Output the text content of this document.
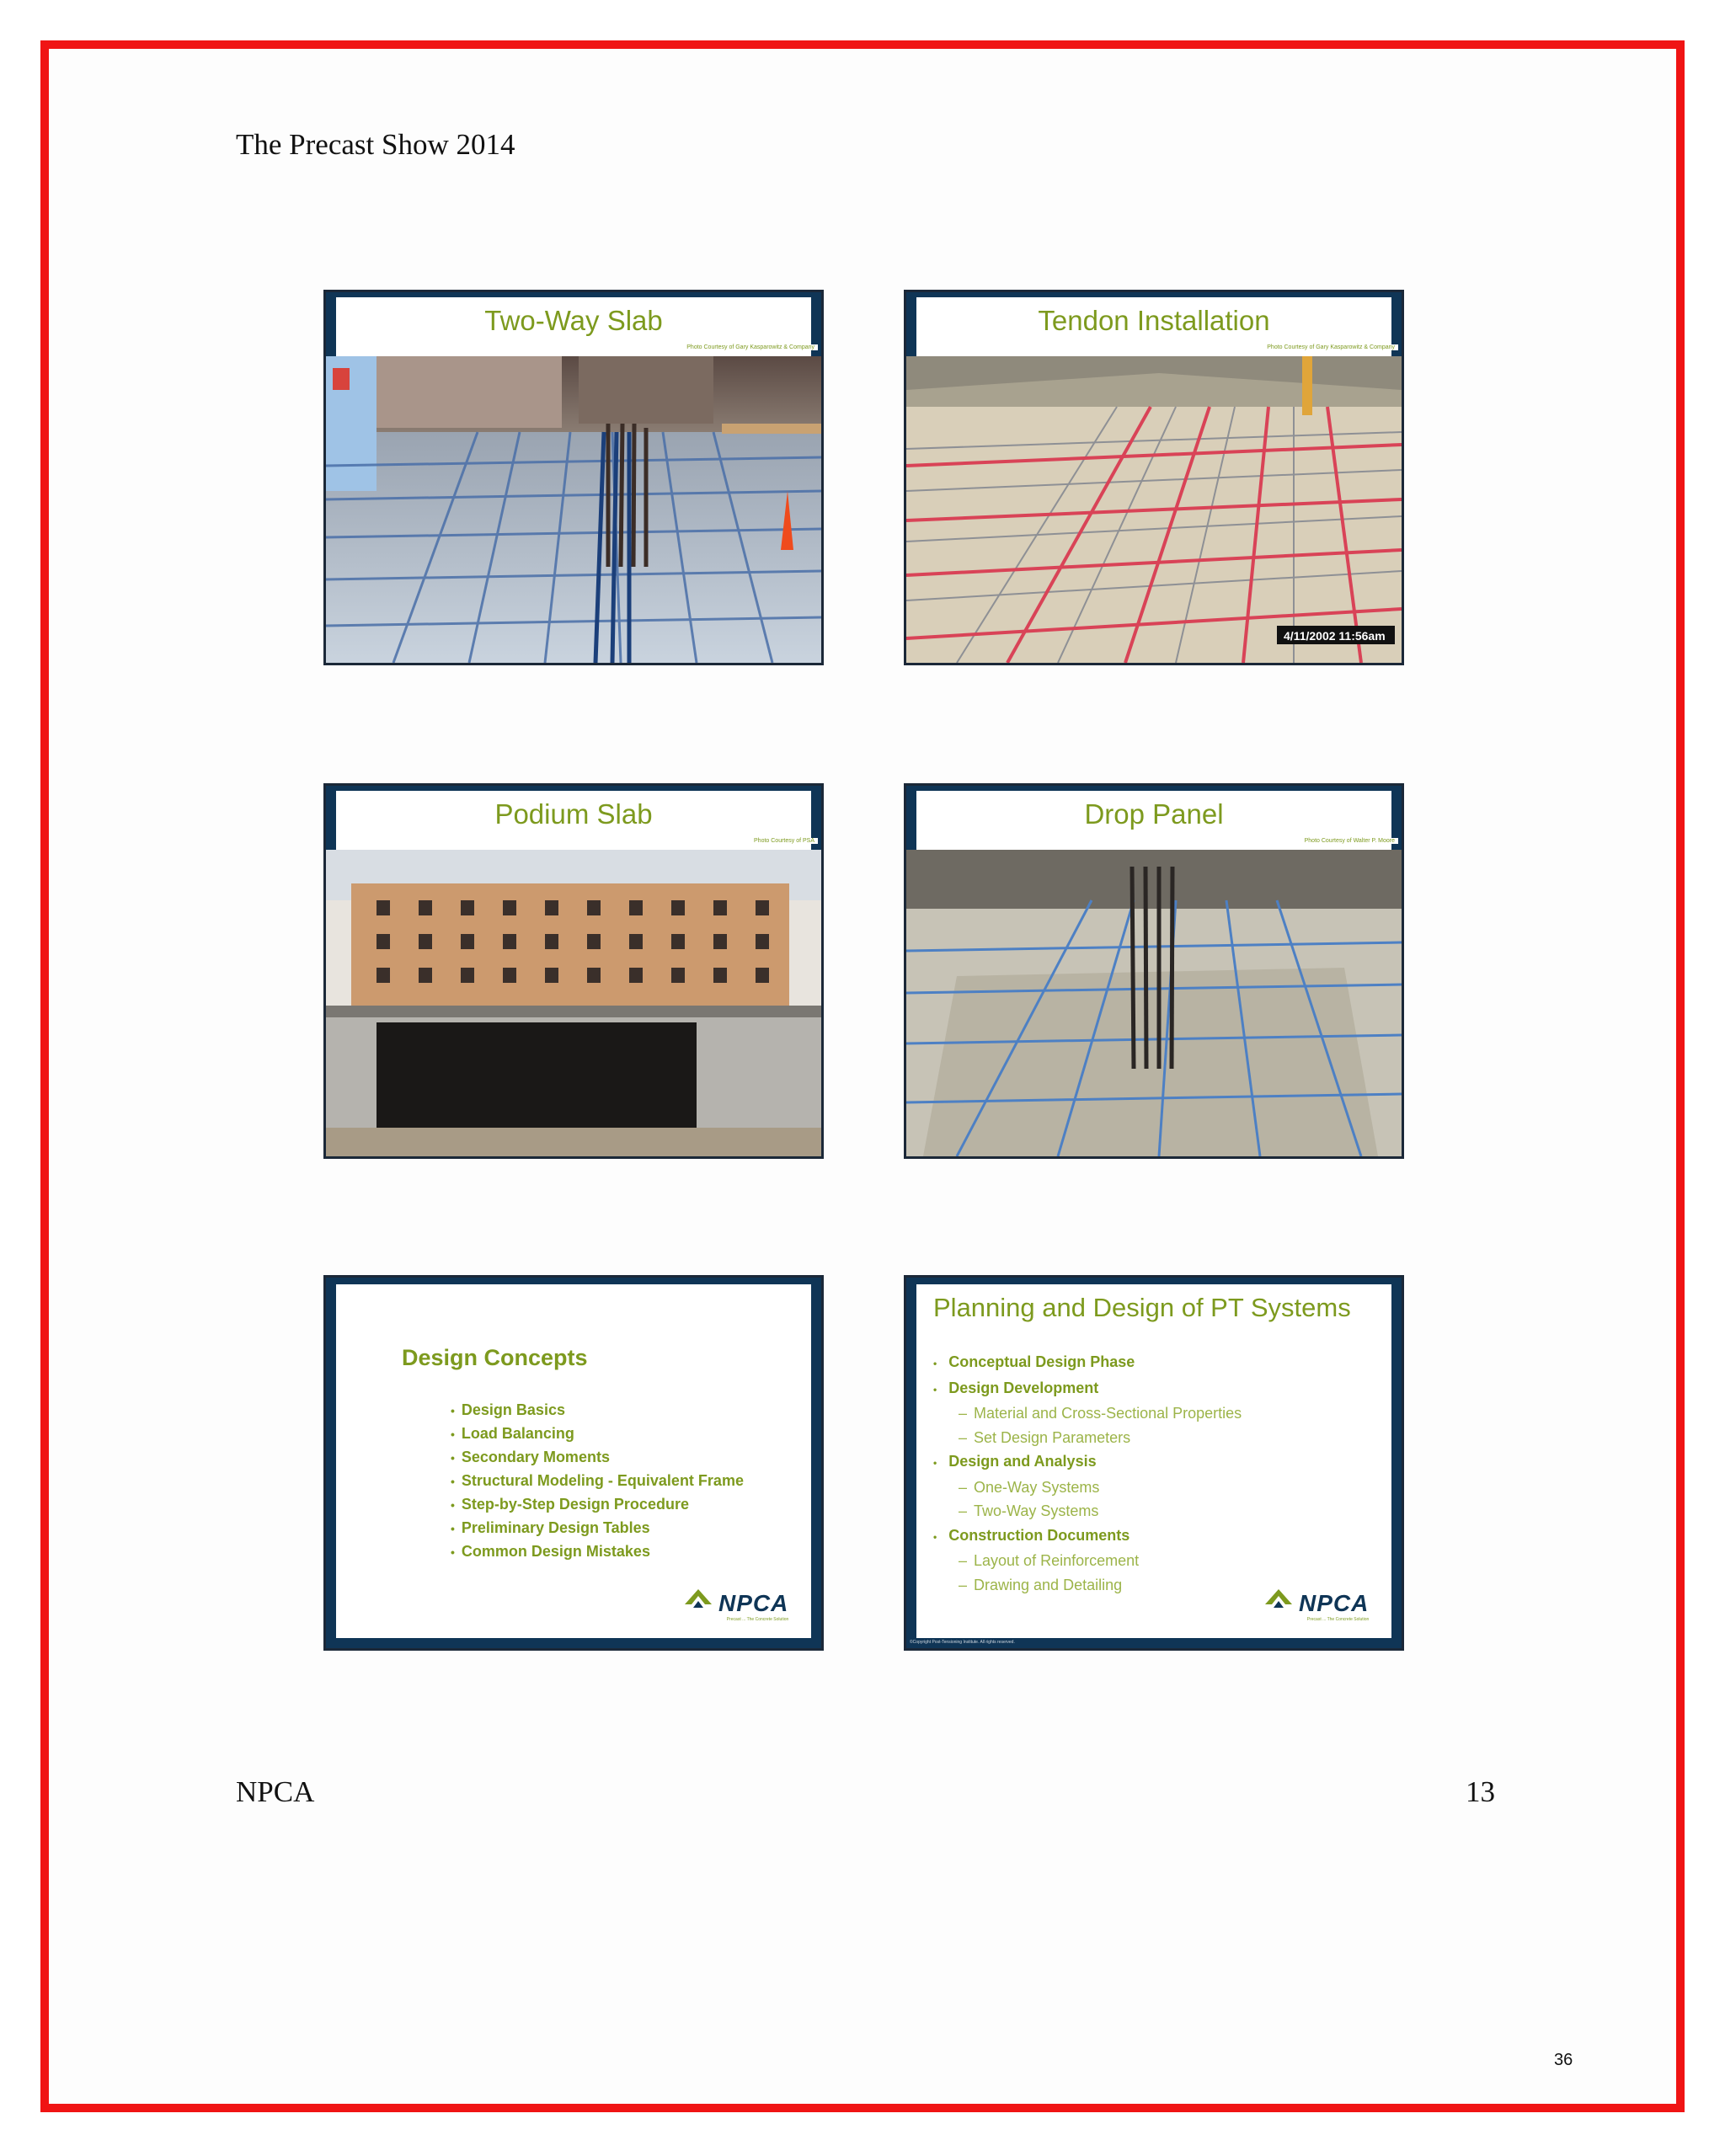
The Precast Show 2014
Two-Way Slab
Photo Courtesy of Gary Kasparowitz & Company
Tendon Installation
Photo Courtesy of Gary Kasparowitz & Company
4/11/2002 11:56am
Podium Slab
Photo Courtesy of PSA
Drop Panel
Photo Courtesy of Walter P. Moore
Design Concepts
• Design Basics
• Load Balancing
• Secondary Moments
• Structural Modeling - Equivalent Frame
• Step-by-Step Design Procedure
• Preliminary Design Tables
• Common Design Mistakes
NPCA
Precast ... The Concrete Solution
Planning and Design of PT Systems
• Conceptual Design Phase
• Design Development
– Material and Cross-Sectional Properties
– Set Design Parameters
• Design and Analysis
– One-Way Systems
– Two-Way Systems
• Construction Documents
– Layout of Reinforcement
– Drawing and Detailing
NPCA
Precast ... The Concrete Solution
©Copyright Post-Tensioning Institute. All rights reserved.
NPCA	13
36
